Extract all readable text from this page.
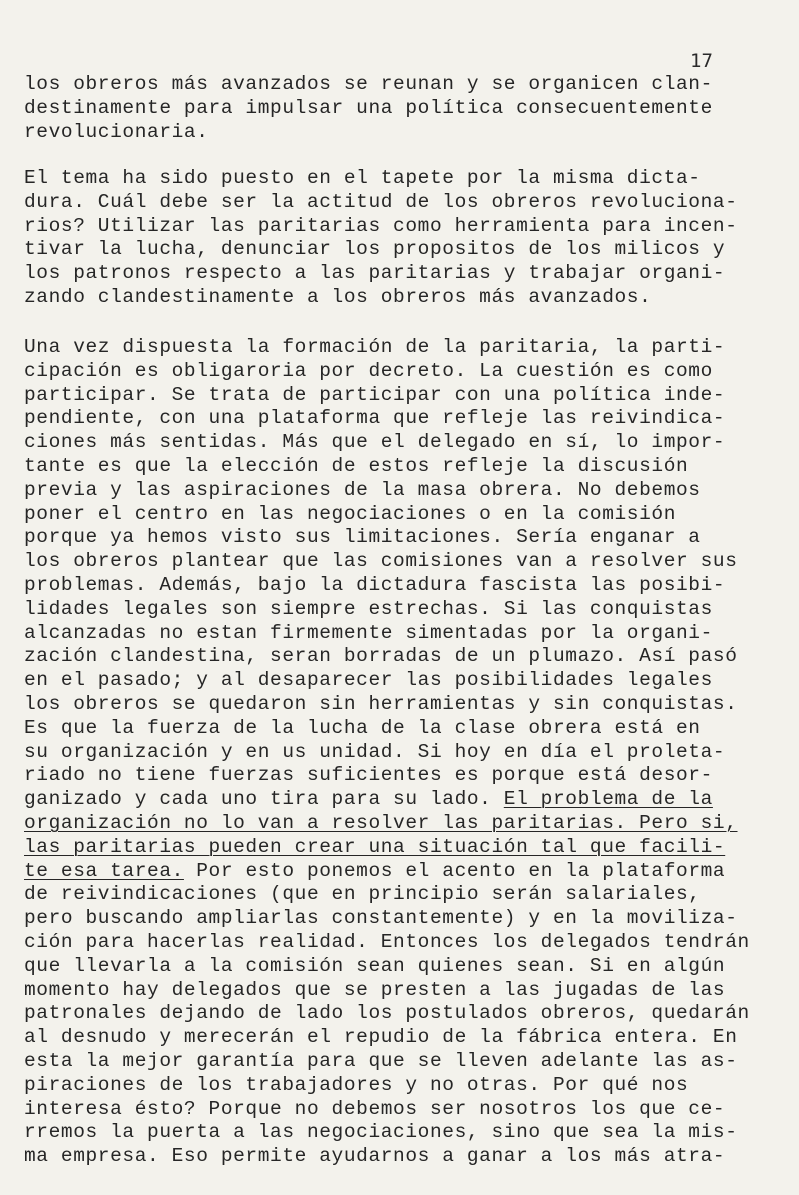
17
los obreros más avanzados se reunan y se organicen clan-
destinamente para impulsar una política consecuentemente
revolucionaria.
El tema ha sido puesto en el tapete por la misma dicta-
dura. Cuál debe ser la actitud de los obreros revoluciona-
rios? Utilizar las paritarias como herramienta para incen-
tivar la lucha, denunciar los propositos de los milicos y
los patronos respecto a las paritarias y trabajar organi-
zando clandestinamente a los obreros más avanzados.
Una vez dispuesta la formación de la paritaria, la parti-
cipación es obligaroria por decreto. La cuestión es como
participar. Se trata de participar con una política inde-
pendiente, con una plataforma que refleje las reivindica-
ciones más sentidas. Más que el delegado en sí, lo impor-
tante es que la elección de estos refleje la discusión
previa y las aspiraciones de la masa obrera. No debemos
poner el centro en las negociaciones o en la comisión
porque ya hemos visto sus limitaciones. Sería enganar a
los obreros plantear que las comisiones van a resolver sus
problemas. Además, bajo la dictadura fascista las posibi-
lidades legales son siempre estrechas. Si las conquistas
alcanzadas no estan firmemente simentadas por la organi-
zación clandestina, seran borradas de un plumazo. Así pasó
en el pasado; y al desaparecer las posibilidades legales
los obreros se quedaron sin herramientas y sin conquistas.
Es que la fuerza de la lucha de la clase obrera está en
su organización y en us unidad. Si hoy en día el proleta-
riado no tiene fuerzas suficientes es porque está desor-
ganizado y cada uno tira para su lado. El problema de la
organización no lo van a resolver las paritarias. Pero si,
las paritarias pueden crear una situación tal que facili-
te esa tarea. Por esto ponemos el acento en la plataforma
de reivindicaciones (que en principio serán salariales,
pero buscando ampliarlas constantemente) y en la moviliza-
ción para hacerlas realidad. Entonces los delegados tendrán
que llevarla a la comisión sean quienes sean. Si en algún
momento hay delegados que se presten a las jugadas de las
patronales dejando de lado los postulados obreros, quedarán
al desnudo y merecerán el repudio de la fábrica entera. En
esta la mejor garantía para que se lleven adelante las as-
piraciones de los trabajadores y no otras. Por qué nos
interesa ésto? Porque no debemos ser nosotros los que ce-
rremos la puerta a las negociaciones, sino que sea la mis-
ma empresa. Eso permite ayudarnos a ganar a los más atra-
